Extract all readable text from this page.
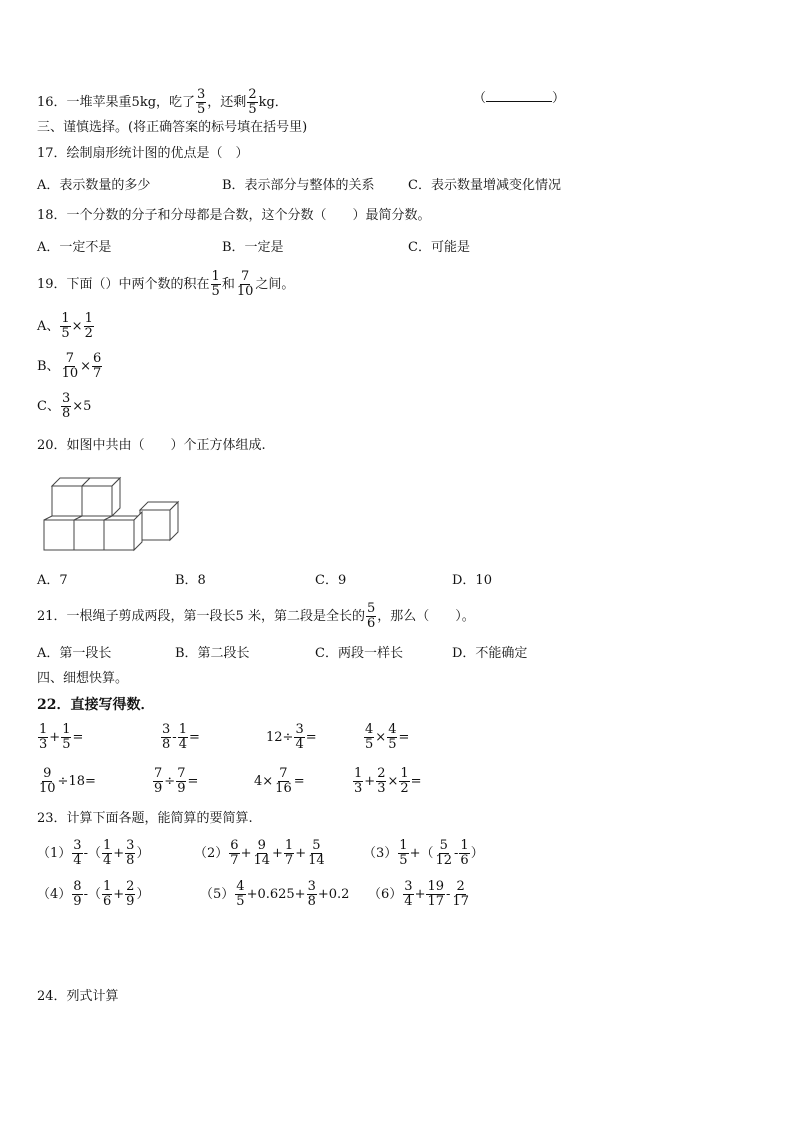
16．一堆苹果重5kg，吃了 $\frac{3}{5}$ ，还剩 $\frac{2}{5}$ kg．	（	）
三、谨慎选择。(将正确答案的标号填在括号里)
17．绘制扇形统计图的优点是（　）
A．表示数量的多少	B．表示部分与整体的关系	C．表示数量增减变化情况
18．一个分数的分子和分母都是合数，这个分数（　　）最简分数。
A．一定不是	B．一定是	C．可能是
19．下面（）中两个数的积在 $\frac{1}{5}$ 和 $\frac{7}{10}$ 之间。
A、 $\frac{1}{5} \times \frac{1}{2}$
B、 $\frac{7}{10} \times \frac{6}{7}$
C、 $\frac{3}{8} \times 5$
20．如图中共由（　　）个正方体组成.
A．7	B．8	C．9	D．10
21．一根绳子剪成两段，第一段长5 米，第二段是全长的 $\frac{5}{6}$ ，那么（　　）。
A．第一段长	B．第二段长	C．两段一样长	D．不能确定
四、细想快算。
22．直接写得数．
$\frac{1}{3} + \frac{1}{5}$ =	$\frac{3}{8} - \frac{1}{4}$ =	$12\div \frac{3}{4}$ =	$\frac{4}{5} \times \frac{4}{5}$ =
$\frac{9}{10} \div 18=$	$\frac{7}{9} \div \frac{7}{9}$ =	$4\times \frac{7}{16}$ =	$\frac{1}{3} + \frac{2}{3} \times \frac{1}{2}$ =
23．计算下面各题，能简算的要简算.
$(1) \frac{3}{4}$ -（ $\frac{1}{4} + \frac{3}{8}$ ）	$(2) \frac{6}{7} + \frac{9}{14} + \frac{1}{7} + \frac{5}{14}$	$(3) \frac{1}{5}$ +（ $\frac{5}{12} - \frac{1}{6}$ ）
$(4) \frac{8}{9}$ -（ $\frac{1}{6} + \frac{2}{9}$ ）	$(5) \frac{4}{5} +0.625+ \frac{3}{8} +0.2$ $(6) \frac{3}{4} + \frac{19}{17} - \frac{2}{17}$
24．列式计算
